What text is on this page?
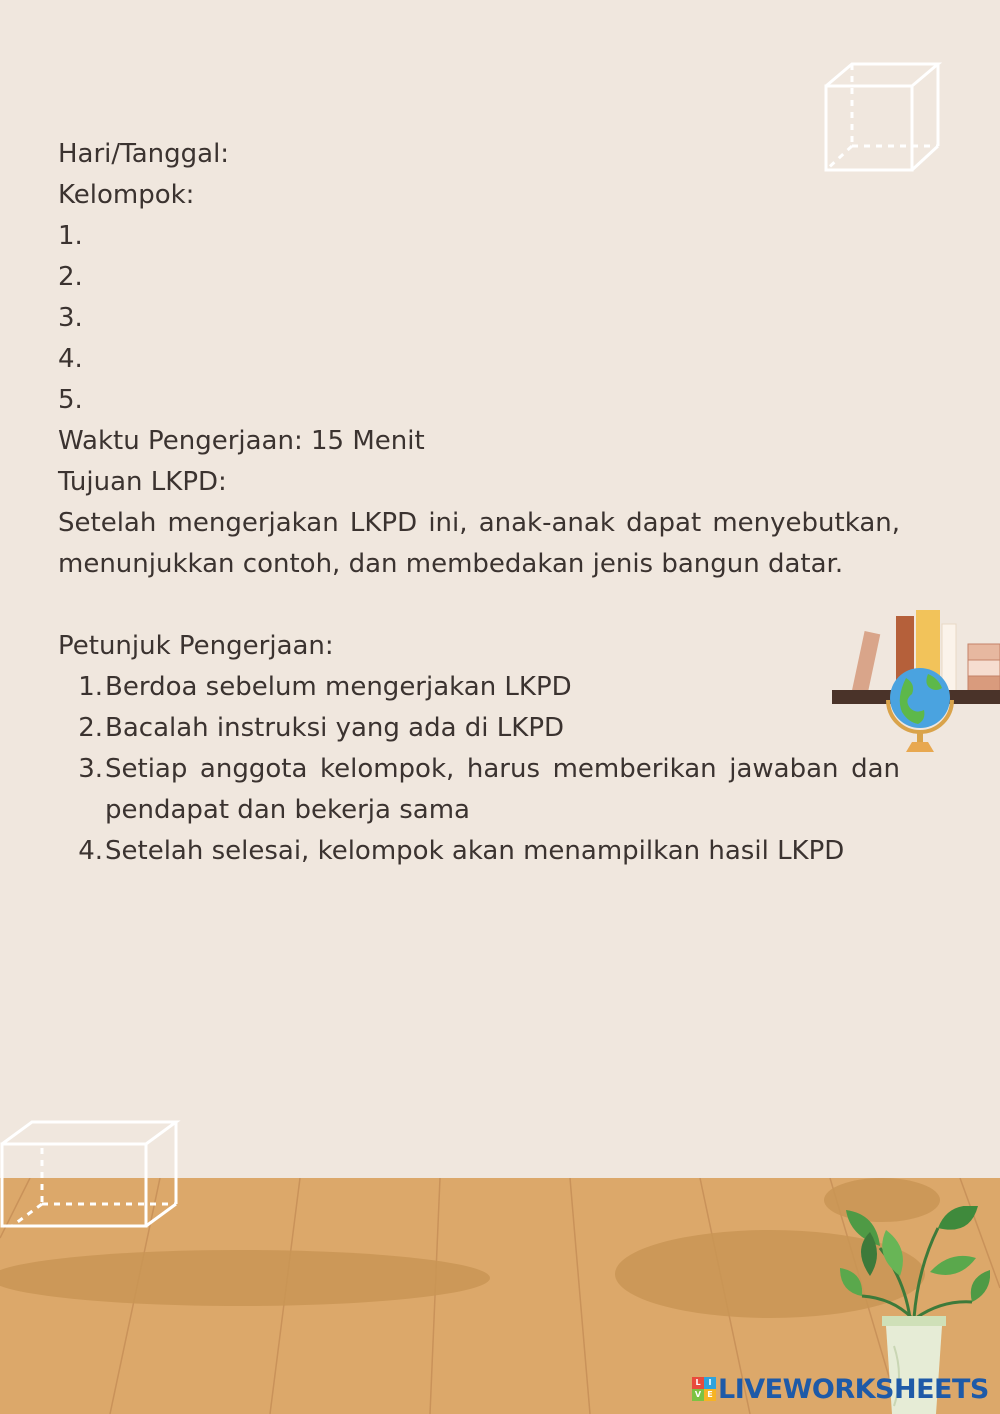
Hari/Tanggal:

Kelompok:

1.

2.

3.

4.

5.

Waktu Pengerjaan: 15 Menit

Tujuan LKPD:

Setelah mengerjakan LKPD ini, anak-anak dapat menyebutkan, menunjukkan contoh, dan membedakan jenis bangun datar.

Petunjuk Pengerjaan:

1. Berdoa sebelum mengerjakan LKPD
2. Bacalah instruksi yang ada di LKPD
3. Setiap anggota kelompok, harus memberikan jawaban dan pendapat dan bekerja sama
4. Setelah selesai, kelompok akan menampilkan hasil LKPD
L I
V E LIVEWORKSHEETS
